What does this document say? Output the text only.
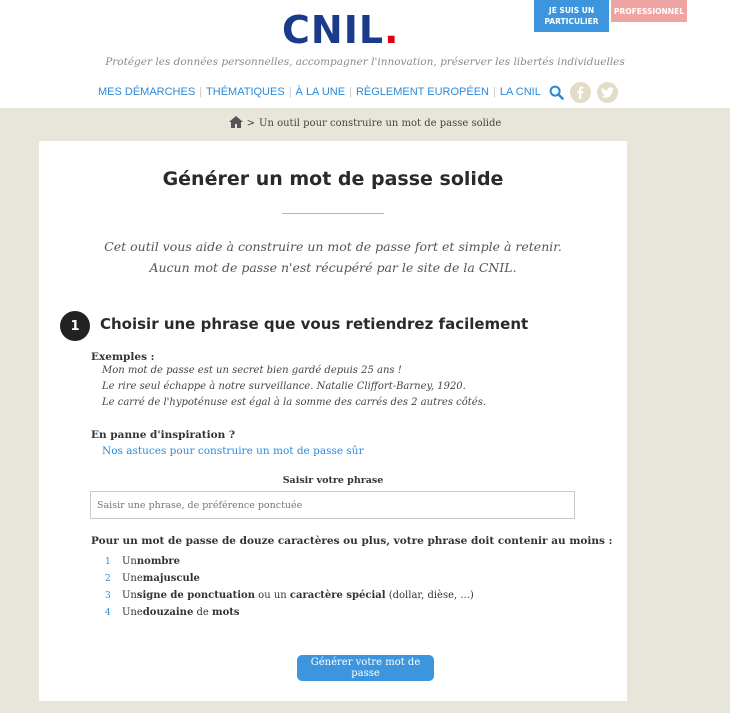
CNIL.	JE SUIS UN
PARTICULIER
PROFESSIONNEL
Protéger les données personnelles, accompagner l'innovation, préserver les libertés individuelles
MES DÉMARCHES | THÉMATIQUES | À LA UNE | RÈGLEMENT EUROPÉEN | LA CNIL
> Un outil pour construire un mot de passe solide
Générer un mot de passe solide
Cet outil vous aide à construire un mot de passe fort et simple à retenir.
Aucun mot de passe n'est récupéré par le site de la CNIL.
1	Choisir une phrase que vous retiendrez facilement
Exemples :
Mon mot de passe est un secret bien gardé depuis 25 ans !
Le rire seul échappe à notre surveillance. Natalie Cliffort-Barney, 1920.
Le carré de l'hypoténuse est égal à la somme des carrés des 2 autres côtés.
En panne d'inspiration ?
Nos astuces pour construire un mot de passe sûr
Saisir votre phrase
Saisir une phrase, de préférence ponctuée
Pour un mot de passe de douze caractères ou plus, votre phrase doit contenir au moins :
1	Un nombre
2	Une majuscule
3	Un signe de ponctuation ou un caractère spécial (dollar, dièse, ...)
4	Une douzaine de mots
Générer votre mot de passe
